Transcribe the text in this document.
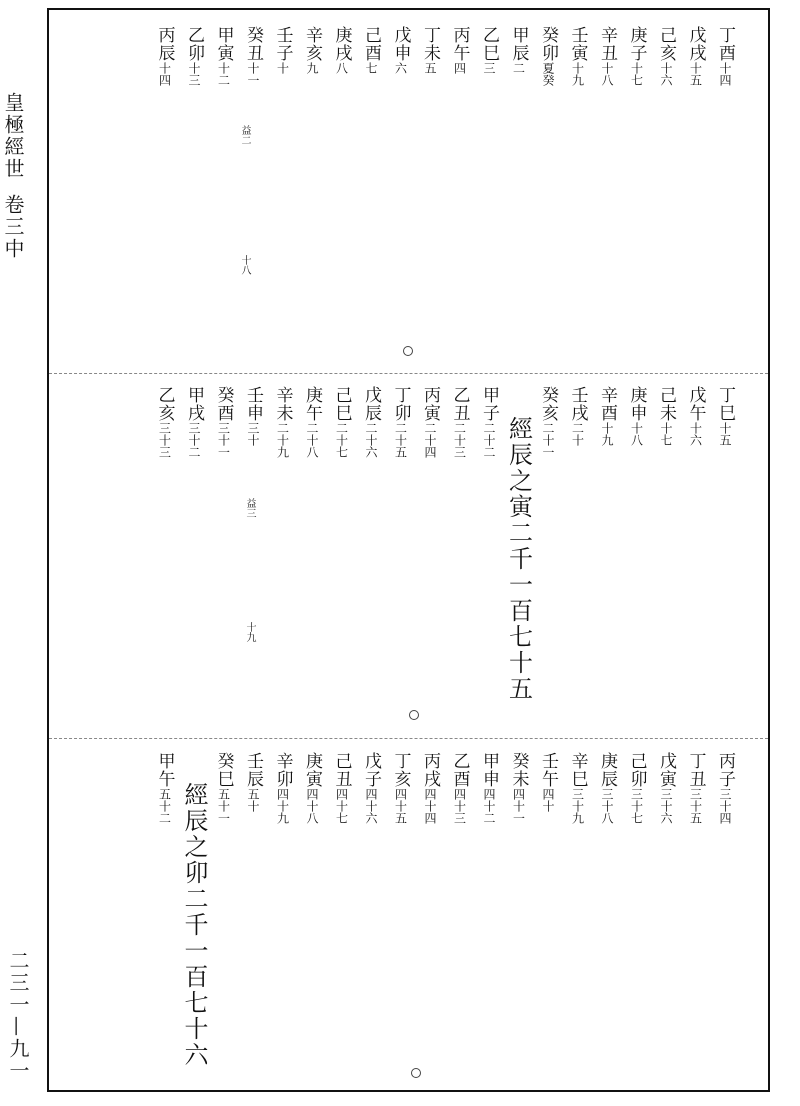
皇極經世卷三中
二三一—九一
丁酉十四
戊戌十五
己亥十六
庚子十七
辛丑十八
壬寅十九
癸卯夏癸
甲辰二
乙巳三
丙午四
丁未五
戊申六
己酉七
庚戌八
辛亥九
壬子十
癸丑十一
甲寅十二
乙卯十三
丙辰十四
益二
十八
丁巳十五
戊午十六
己未十七
庚申十八
辛酉十九
壬戌二十
癸亥二十一
經辰之寅二千一百七十五
甲子二十二
乙丑二十三
丙寅二十四
丁卯二十五
戊辰二十六
己巳二十七
庚午二十八
辛未二十九
壬申三十
癸酉三十一
甲戌三十二
乙亥三十三
益三
十九
丙子三十四
丁丑三十五
戊寅三十六
己卯三十七
庚辰三十八
辛巳三十九
壬午四十
癸未四十一
甲申四十二
乙酉四十三
丙戌四十四
丁亥四十五
戊子四十六
己丑四十七
庚寅四十八
辛卯四十九
壬辰五十
癸巳五十一
經辰之卯二千一百七十六
甲午五十二
